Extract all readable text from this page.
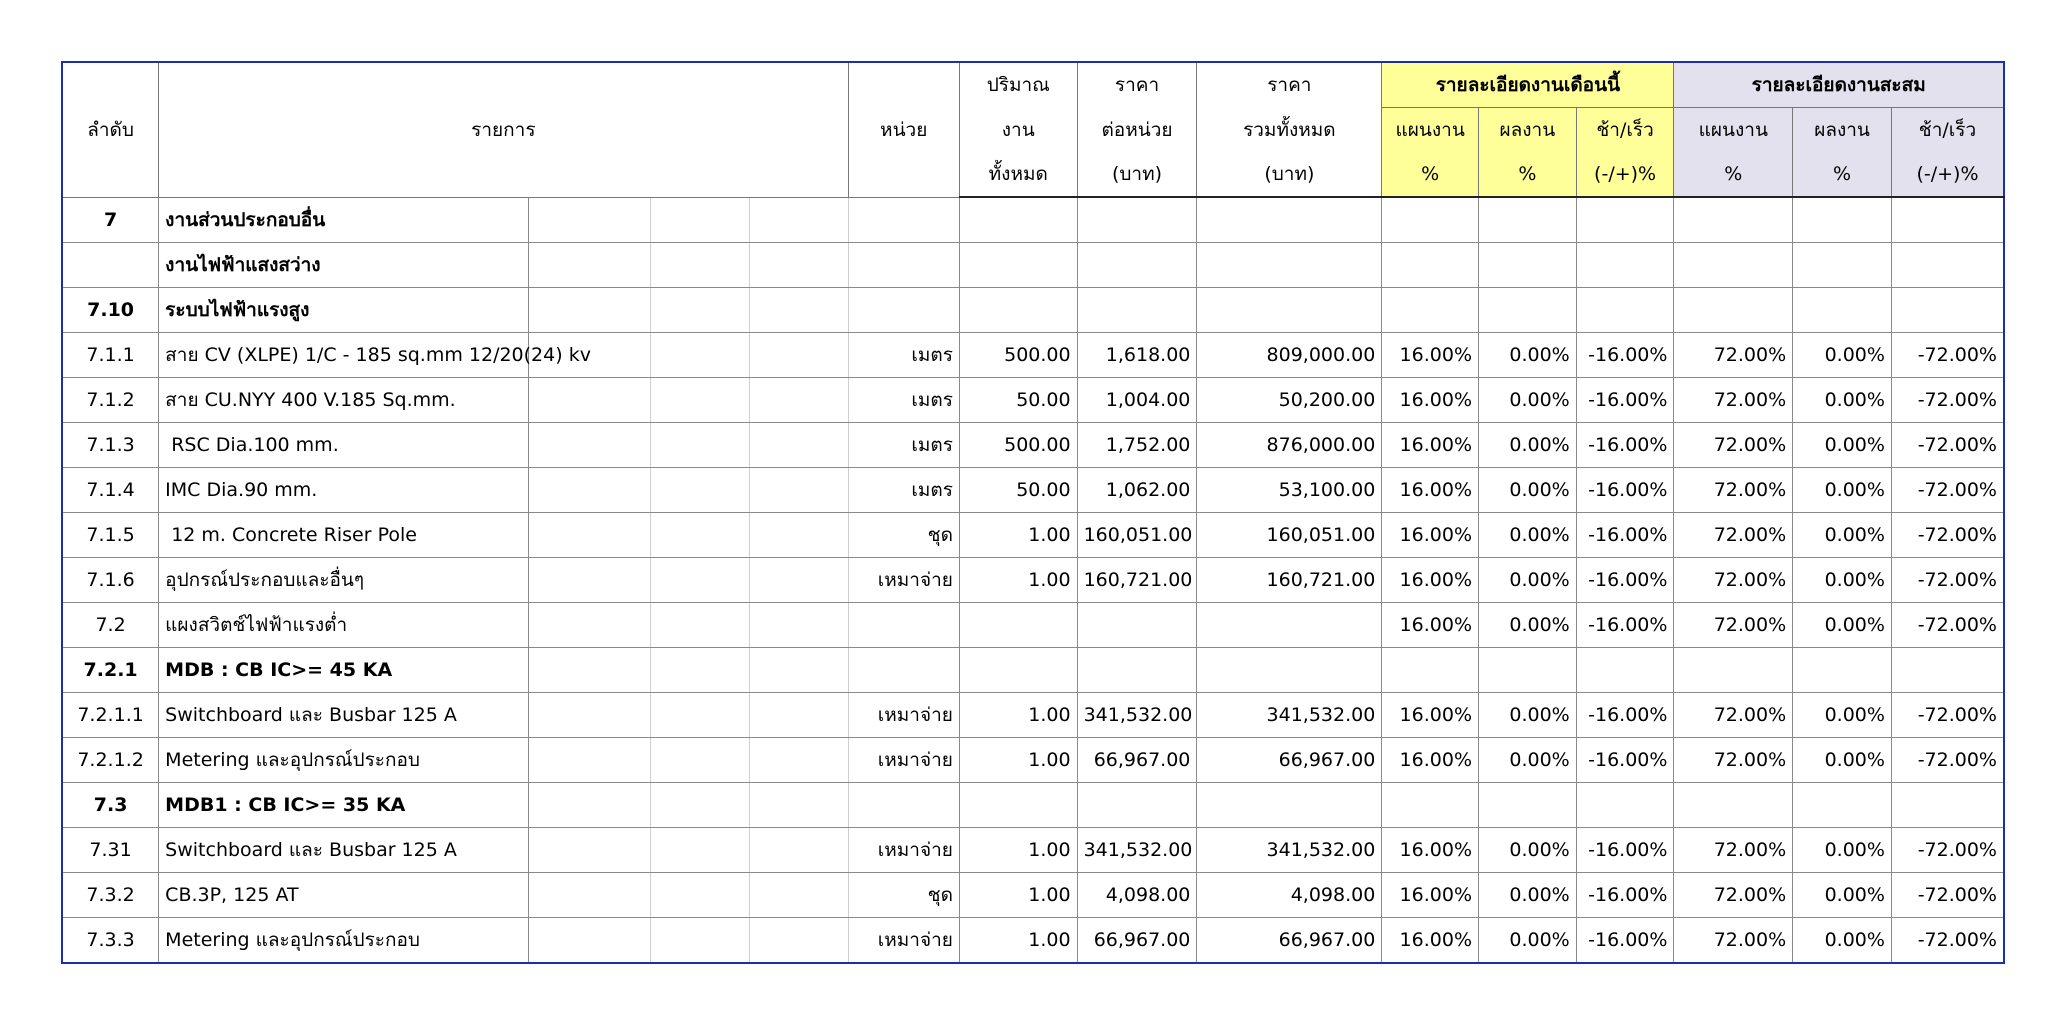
ลำดับ	รายการ				หน่วย	ปริมาณ	ราคา	ราคา	รายละเอียดงานเดือนนี้			รายละเอียดงานสะสม		
						งาน	ต่อหน่วย	รวมทั้งหมด	แผนงาน	ผลงาน	ช้า/เร็ว	แผนงาน	ผลงาน	ช้า/เร็ว
						ทั้งหมด	(บาท)	(บาท)	%	%	(-/+)%	%	%	(-/+)%
7	งานส่วนประกอบอื่น													
	งานไฟฟ้าแสงสว่าง													
7.10	ระบบไฟฟ้าแรงสูง													
7.1.1	สาย CV (XLPE) 1/C - 185 sq.mm 12/20(24) kv				เมตร	500.00	1,618.00	809,000.00	16.00%	0.00%	-16.00%	72.00%	0.00%	-72.00%
7.1.2	สาย CU.NYY 400 V.185 Sq.mm.				เมตร	50.00	1,004.00	50,200.00	16.00%	0.00%	-16.00%	72.00%	0.00%	-72.00%
7.1.3	RSC Dia.100 mm.				เมตร	500.00	1,752.00	876,000.00	16.00%	0.00%	-16.00%	72.00%	0.00%	-72.00%
7.1.4	IMC Dia.90 mm.				เมตร	50.00	1,062.00	53,100.00	16.00%	0.00%	-16.00%	72.00%	0.00%	-72.00%
7.1.5	12 m. Concrete Riser Pole				ชุด	1.00	160,051.00	160,051.00	16.00%	0.00%	-16.00%	72.00%	0.00%	-72.00%
7.1.6	อุปกรณ์ประกอบและอื่นๆ				เหมาจ่าย	1.00	160,721.00	160,721.00	16.00%	0.00%	-16.00%	72.00%	0.00%	-72.00%
7.2	แผงสวิตช์ไฟฟ้าแรงต่ำ								16.00%	0.00%	-16.00%	72.00%	0.00%	-72.00%
7.2.1	MDB : CB IC>= 45 KA													
7.2.1.1	Switchboard และ Busbar 125 A				เหมาจ่าย	1.00	341,532.00	341,532.00	16.00%	0.00%	-16.00%	72.00%	0.00%	-72.00%
7.2.1.2	Metering และอุปกรณ์ประกอบ				เหมาจ่าย	1.00	66,967.00	66,967.00	16.00%	0.00%	-16.00%	72.00%	0.00%	-72.00%
7.3	MDB1 : CB IC>= 35 KA													
7.31	Switchboard และ Busbar 125 A				เหมาจ่าย	1.00	341,532.00	341,532.00	16.00%	0.00%	-16.00%	72.00%	0.00%	-72.00%
7.3.2	CB.3P, 125 AT				ชุด	1.00	4,098.00	4,098.00	16.00%	0.00%	-16.00%	72.00%	0.00%	-72.00%
7.3.3	Metering และอุปกรณ์ประกอบ				เหมาจ่าย	1.00	66,967.00	66,967.00	16.00%	0.00%	-16.00%	72.00%	0.00%	-72.00%
